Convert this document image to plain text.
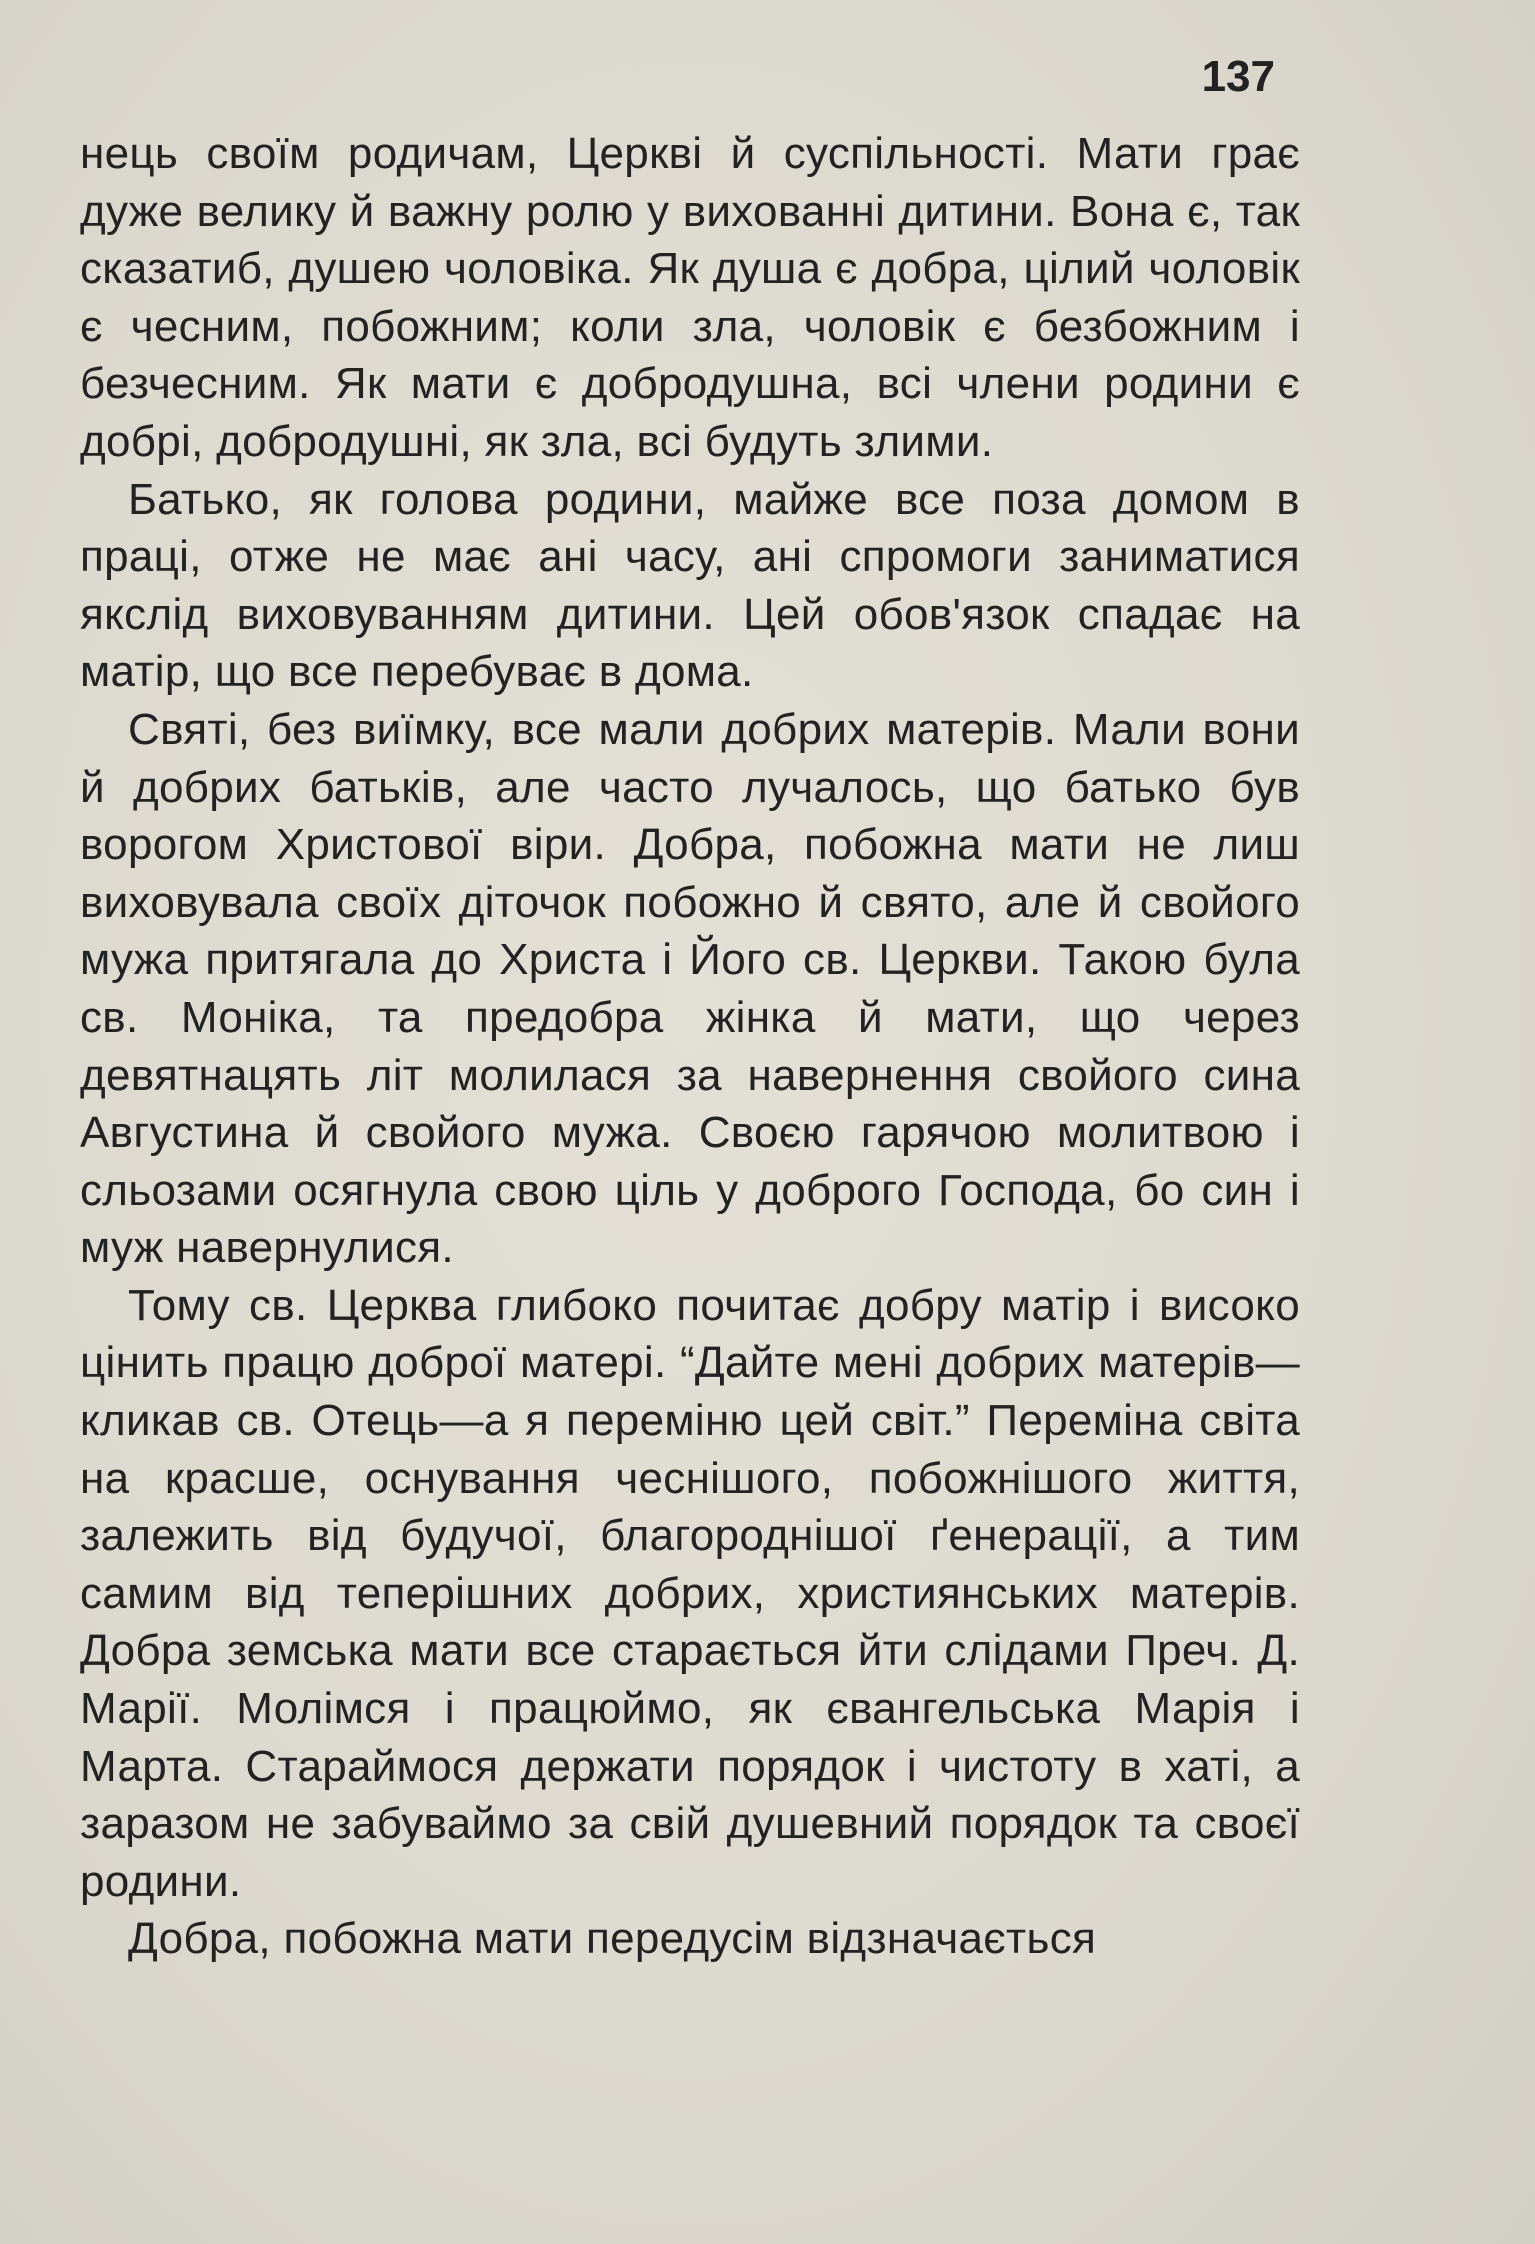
137

нець своїм родичам, Церкві й суспільності. Мати грає дуже велику й важну ролю у вихованні дитини. Вона є, так сказатиб, душею чоловіка. Як душа є добра, цілий чоловік є чесним, побожним; коли зла, чоловік є безбожним і безчесним. Як мати є добродушна, всі члени родини є добрі, добродушні, як зла, всі будуть злими.

Батько, як голова родини, майже все поза домом в праці, отже не має ані часу, ані спромоги заниматися якслід виховуванням дитини. Цей обов'язок спадає на матір, що все перебуває в дома.

Святі, без виїмку, все мали добрих матерів. Мали вони й добрих батьків, але часто лучалось, що батько був ворогом Христової віри. Добра, побожна мати не лиш виховувала своїх діточок побожно й свято, але й свойого мужа притягала до Христа і Його св. Церкви. Такою була св. Моніка, та предобра жінка й мати, що через девятнацять літ молилася за навернення свойого сина Августина й свойого мужа. Своєю гарячою молитвою і сльозами осягнула свою ціль у доброго Господа, бо син і муж навернулися.

Тому св. Церква глибоко почитає добру матір і високо цінить працю доброї матері. “Дайте мені добрих матерів—кликав св. Отець—а я переміню цей світ.” Переміна світа на красше, оснування чеснішого, побожнішого життя, залежить від будучої, благороднішої ґенерації, а тим самим від теперішних добрих, християнських матерів. Добра земська мати все старається йти слідами Преч. Д. Марії. Молімся і працюймо, як євангельська Марія і Марта. Стараймося держати порядок і чистоту в хаті, а заразом не забуваймо за свій душевний порядок та своєї родини.

Добра, побожна мати передусім відзначається
